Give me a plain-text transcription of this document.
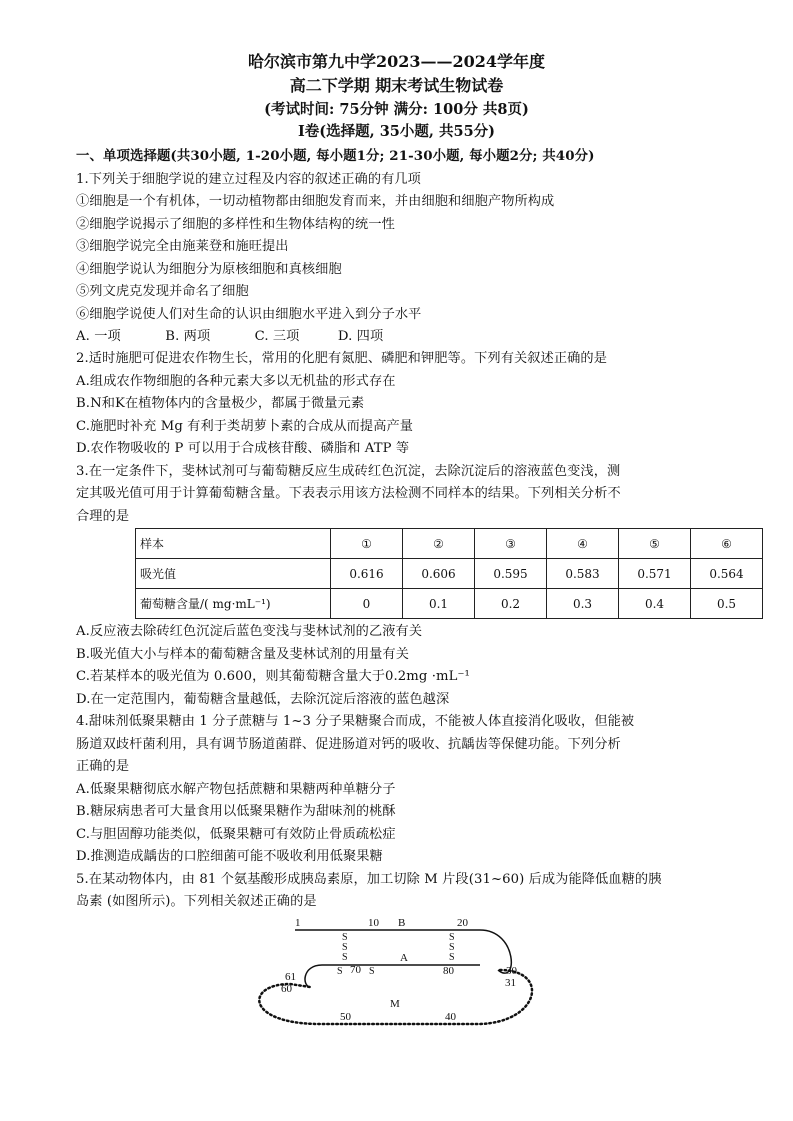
哈尔滨市第九中学2023——2024学年度
高二下学期 期末考试生物试卷
(考试时间: 75分钟 满分: 100分 共8页)
I卷(选择题, 35小题, 共55分)
一、单项选择题(共30小题, 1-20小题, 每小题1分; 21-30小题, 每小题2分; 共40分)
1.下列关于细胞学说的建立过程及内容的叙述正确的有几项
①细胞是一个有机体，一切动植物都由细胞发育而来，并由细胞和细胞产物所构成
②细胞学说揭示了细胞的多样性和生物体结构的统一性
③细胞学说完全由施莱登和施旺提出
④细胞学说认为细胞分为原核细胞和真核细胞
⑤列文虎克发现并命名了细胞
⑥细胞学说使人们对生命的认识由细胞水平进入到分子水平
A. 一项	B. 两项	C. 三项	D. 四项
2.适时施肥可促进农作物生长，常用的化肥有氮肥、磷肥和钾肥等。下列有关叙述正确的是
A.组成农作物细胞的各种元素大多以无机盐的形式存在
B.N和K在植物体内的含量极少，都属于微量元素
C.施肥时补充 Mg 有利于类胡萝卜素的合成从而提高产量
D.农作物吸收的 P 可以用于合成核苷酸、磷脂和 ATP 等
3.在一定条件下，斐林试剂可与葡萄糖反应生成砖红色沉淀，去除沉淀后的溶液蓝色变浅，测
定其吸光值可用于计算葡萄糖含量。下表表示用该方法检测不同样本的结果。下列相关分析不
合理的是
样本	①	②	③	④	⑤	⑥
吸光值	0.616	0.606	0.595	0.583	0.571	0.564
葡萄糖含量/( mg·mL⁻¹)	0	0.1	0.2	0.3	0.4	0.5
A.反应液去除砖红色沉淀后蓝色变浅与斐林试剂的乙液有关
B.吸光值大小与样本的葡萄糖含量及斐林试剂的用量有关
C.若某样本的吸光值为 0.600，则其葡萄糖含量大于0.2mg ·mL⁻¹
D.在一定范围内，葡萄糖含量越低，去除沉淀后溶液的蓝色越深
4.甜味剂低聚果糖由 1 分子蔗糖与 1~3 分子果糖聚合而成，不能被人体直接消化吸收，但能被
肠道双歧杆菌利用，具有调节肠道菌群、促进肠道对钙的吸收、抗龋齿等保健功能。下列分析
正确的是
A.低聚果糖彻底水解产物包括蔗糖和果糖两种单糖分子
B.糖尿病患者可大量食用以低聚果糖作为甜味剂的桃酥
C.与胆固醇功能类似，低聚果糖可有效防止骨质疏松症
D.推测造成龋齿的口腔细菌可能不吸收利用低聚果糖
5.在某动物体内，由 81 个氨基酸形成胰岛素原，加工切除 M 片段(31~60) 后成为能降低血糖的胰
岛素 (如图所示)。下列相关叙述正确的是
S
S
S
S
S
S
S	S
1	10 B	20
A
70	80
61
60
30
31
M
50	40
